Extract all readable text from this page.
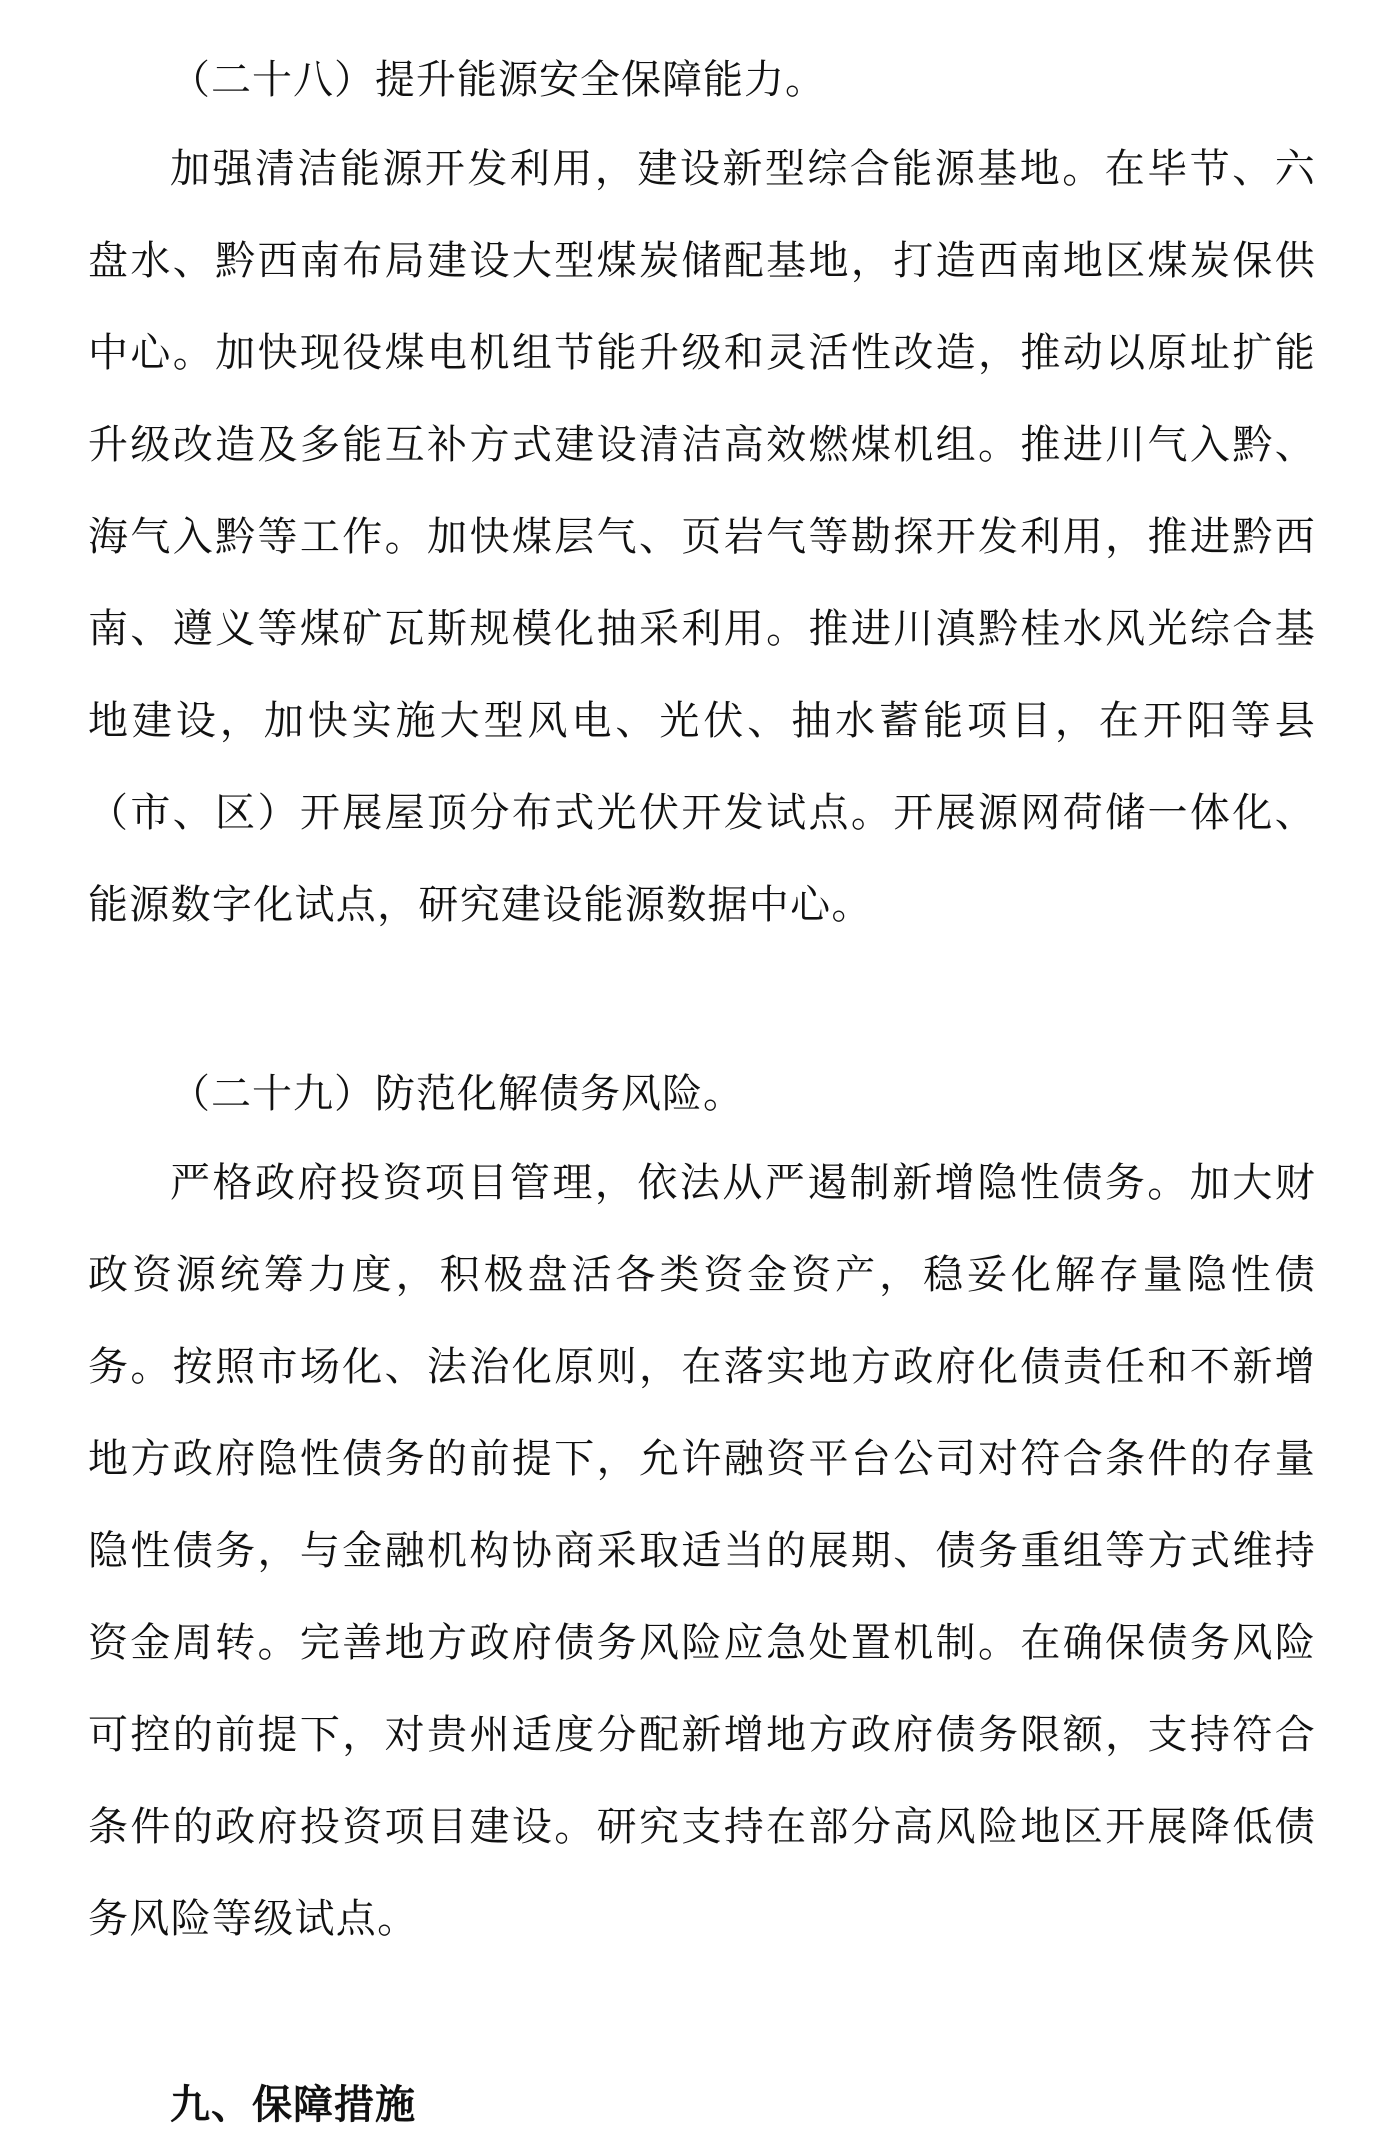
（二十八）提升能源安全保障能力。

加强清洁能源开发利用，建设新型综合能源基地。在毕节、六盘水、黔西南布局建设大型煤炭储配基地，打造西南地区煤炭保供中心。加快现役煤电机组节能升级和灵活性改造，推动以原址扩能升级改造及多能互补方式建设清洁高效燃煤机组。推进川气入黔、海气入黔等工作。加快煤层气、页岩气等勘探开发利用，推进黔西南、遵义等煤矿瓦斯规模化抽采利用。推进川滇黔桂水风光综合基地建设，加快实施大型风电、光伏、抽水蓄能项目，在开阳等县（市、区）开展屋顶分布式光伏开发试点。开展源网荷储一体化、能源数字化试点，研究建设能源数据中心。

（二十九）防范化解债务风险。

严格政府投资项目管理，依法从严遏制新增隐性债务。加大财政资源统筹力度，积极盘活各类资金资产，稳妥化解存量隐性债务。按照市场化、法治化原则，在落实地方政府化债责任和不新增地方政府隐性债务的前提下，允许融资平台公司对符合条件的存量隐性债务，与金融机构协商采取适当的展期、债务重组等方式维持资金周转。完善地方政府债务风险应急处置机制。在确保债务风险可控的前提下，对贵州适度分配新增地方政府债务限额，支持符合条件的政府投资项目建设。研究支持在部分高风险地区开展降低债务风险等级试点。

九、保障措施
